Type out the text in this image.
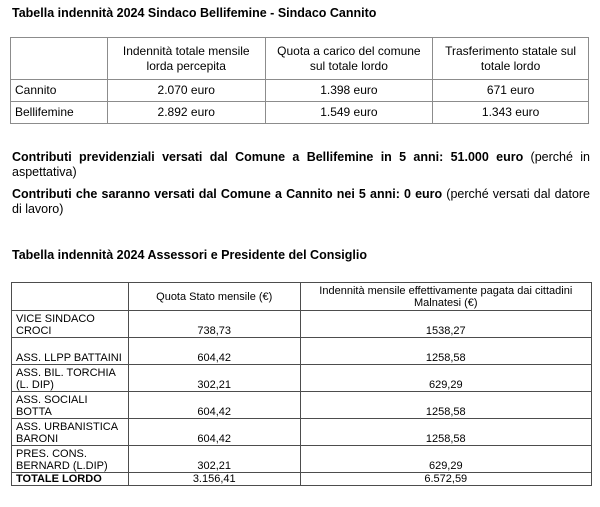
Tabella indennità 2024 Sindaco Bellifemine - Sindaco Cannito
	Indennità totale mensile lorda percepita	Quota a carico del comune sul totale lordo	Trasferimento statale sul totale lordo
Cannito	2.070 euro	1.398 euro	671 euro
Bellifemine	2.892 euro	1.549 euro	1.343 euro
Contributi previdenziali versati dal Comune a Bellifemine in 5 anni: 51.000 euro (perché in aspettativa)
Contributi che saranno versati dal Comune a Cannito nei 5 anni: 0 euro (perché versati dal datore di lavoro)
Tabella indennità 2024 Assessori e Presidente del Consiglio
	Quota Stato mensile (€)	Indennità mensile effettivamente pagata dai cittadini Malnatesi (€)
VICE SINDACO CROCI	738,73	1538,27
ASS. LLPP BATTAINI	604,42	1258,58
ASS. BIL. TORCHIA (L. DIP)	302,21	629,29
ASS. SOCIALI BOTTA	604,42	1258,58
ASS. URBANISTICA BARONI	604,42	1258,58
PRES. CONS. BERNARD (L.DIP)	302,21	629,29
TOTALE LORDO	3.156,41	6.572,59
